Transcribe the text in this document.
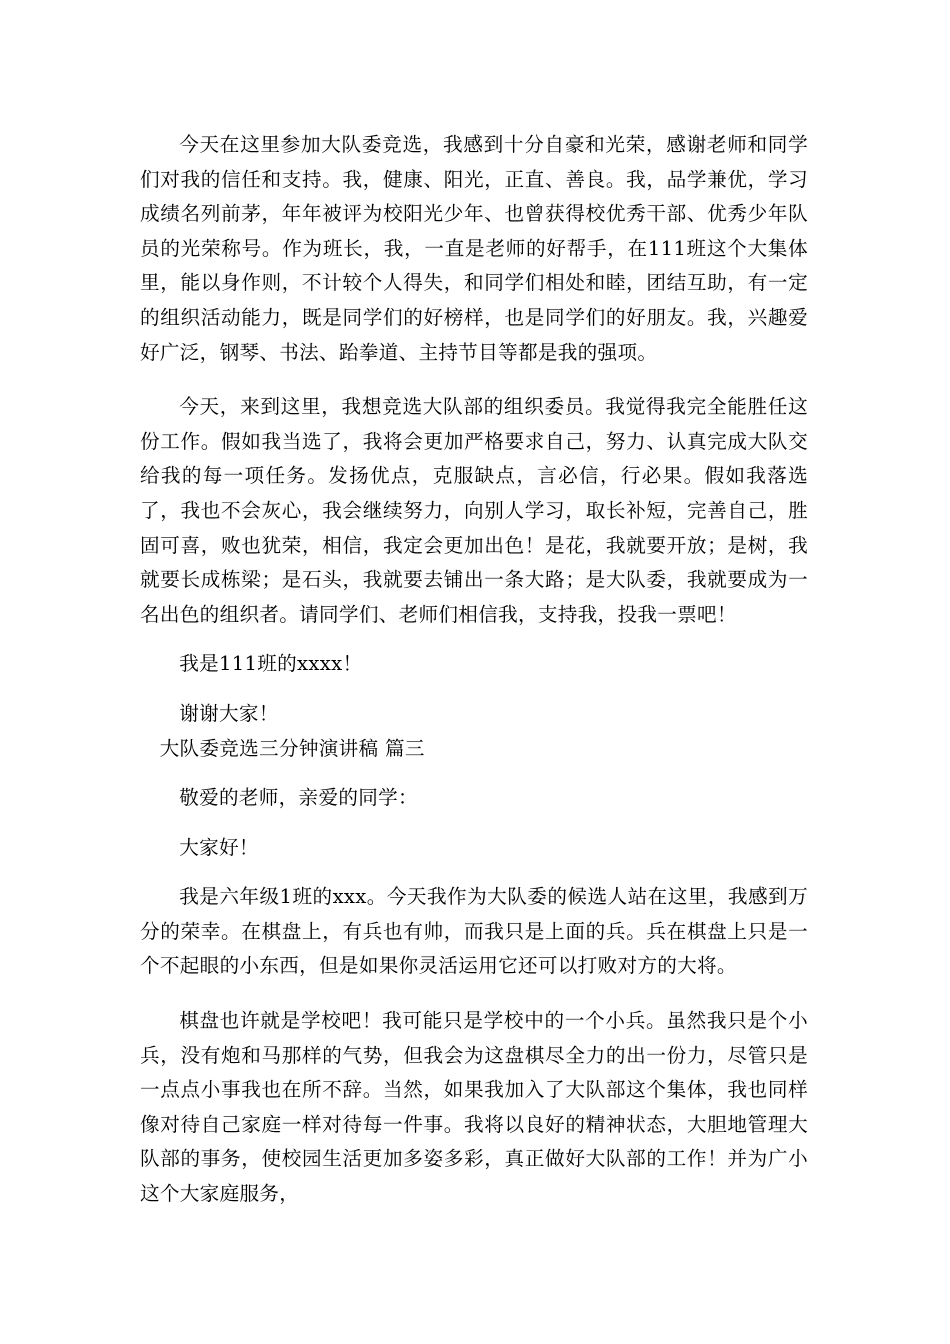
今天在这里参加大队委竞选，我感到十分自豪和光荣，感谢老师和同学们对我的信任和支持。我，健康、阳光，正直、善良。我，品学兼优，学习成绩名列前茅，年年被评为校阳光少年、也曾获得校优秀干部、优秀少年队员的光荣称号。作为班长，我，一直是老师的好帮手，在111班这个大集体里，能以身作则，不计较个人得失，和同学们相处和睦，团结互助，有一定的组织活动能力，既是同学们的好榜样，也是同学们的好朋友。我，兴趣爱好广泛，钢琴、书法、跆拳道、主持节目等都是我的强项。

今天，来到这里，我想竞选大队部的组织委员。我觉得我完全能胜任这份工作。假如我当选了，我将会更加严格要求自己，努力、认真完成大队交给我的每一项任务。发扬优点，克服缺点，言必信，行必果。假如我落选了，我也不会灰心，我会继续努力，向别人学习，取长补短，完善自己，胜固可喜，败也犹荣，相信，我定会更加出色！是花，我就要开放；是树，我就要长成栋梁；是石头，我就要去铺出一条大路；是大队委，我就要成为一名出色的组织者。请同学们、老师们相信我，支持我，投我一票吧！

我是111班的xxxx！

谢谢大家！

大队委竞选三分钟演讲稿 篇三

敬爱的老师，亲爱的同学：

大家好！

我是六年级1班的xxx。今天我作为大队委的候选人站在这里，我感到万分的荣幸。在棋盘上，有兵也有帅，而我只是上面的兵。兵在棋盘上只是一个不起眼的小东西，但是如果你灵活运用它还可以打败对方的大将。

棋盘也许就是学校吧！我可能只是学校中的一个小兵。虽然我只是个小兵，没有炮和马那样的气势，但我会为这盘棋尽全力的出一份力，尽管只是一点点小事我也在所不辞。当然，如果我加入了大队部这个集体，我也同样像对待自己家庭一样对待每一件事。我将以良好的精神状态，大胆地管理大队部的事务，使校园生活更加多姿多彩，真正做好大队部的工作！并为广小这个大家庭服务，
